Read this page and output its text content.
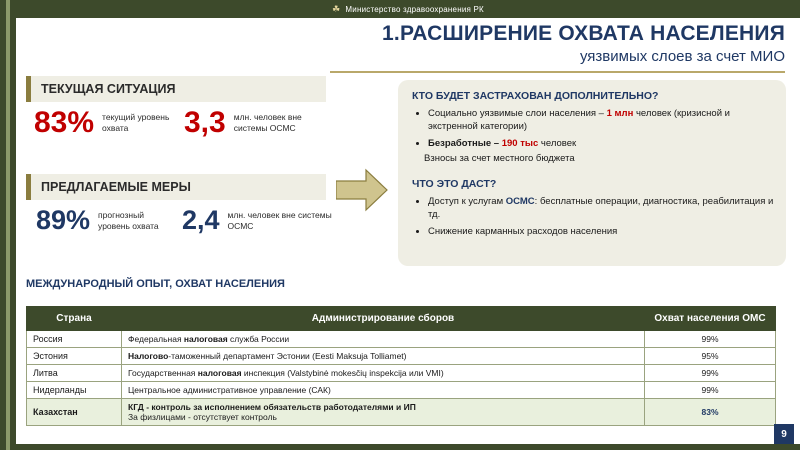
☘ Министерство здравоохранения РК
1.РАСШИРЕНИЕ ОХВАТА НАСЕЛЕНИЯ
уязвимых слоев за счет МИО
ТЕКУЩАЯ СИТУАЦИЯ
83% текущий уровень охвата	3,3 млн. человек вне системы ОСМС
ПРЕДЛАГАЕМЫЕ МЕРЫ
89% прогнозный уровень охвата 2,4 млн. человек вне системы ОСМС
КТО БУДЕТ ЗАСТРАХОВАН ДОПОЛНИТЕЛЬНО?
• Социально уязвимые слои населения – 1 млн человек (кризисной и экстренной категории)
• Безработные – 190 тыс человек
Взносы за счет местного бюджета
ЧТО ЭТО ДАСТ?
• Доступ к услугам ОСМС: бесплатные операции, диагностика, реабилитация и тд.
• Снижение карманных расходов населения
МЕЖДУНАРОДНЫЙ ОПЫТ, ОХВАТ НАСЕЛЕНИЯ
Страна	Администрирование сборов	Охват населения ОМС
Россия	Федеральная налоговая служба России	99%
Эстония	Налогово-таможенный департамент Эстонии (Eesti Maksuja Tolliamet)	95%
Литва	Государственная налоговая инспекция (Valstybinė mokesčių inspekcija или VMI)	99%
Нидерланды	Центральное административное управление (САК)	99%
Казахстан	КГД - контроль за исполнением обязательств работодателями и ИП
За физлицами - отсутствует контроль	83%
9
